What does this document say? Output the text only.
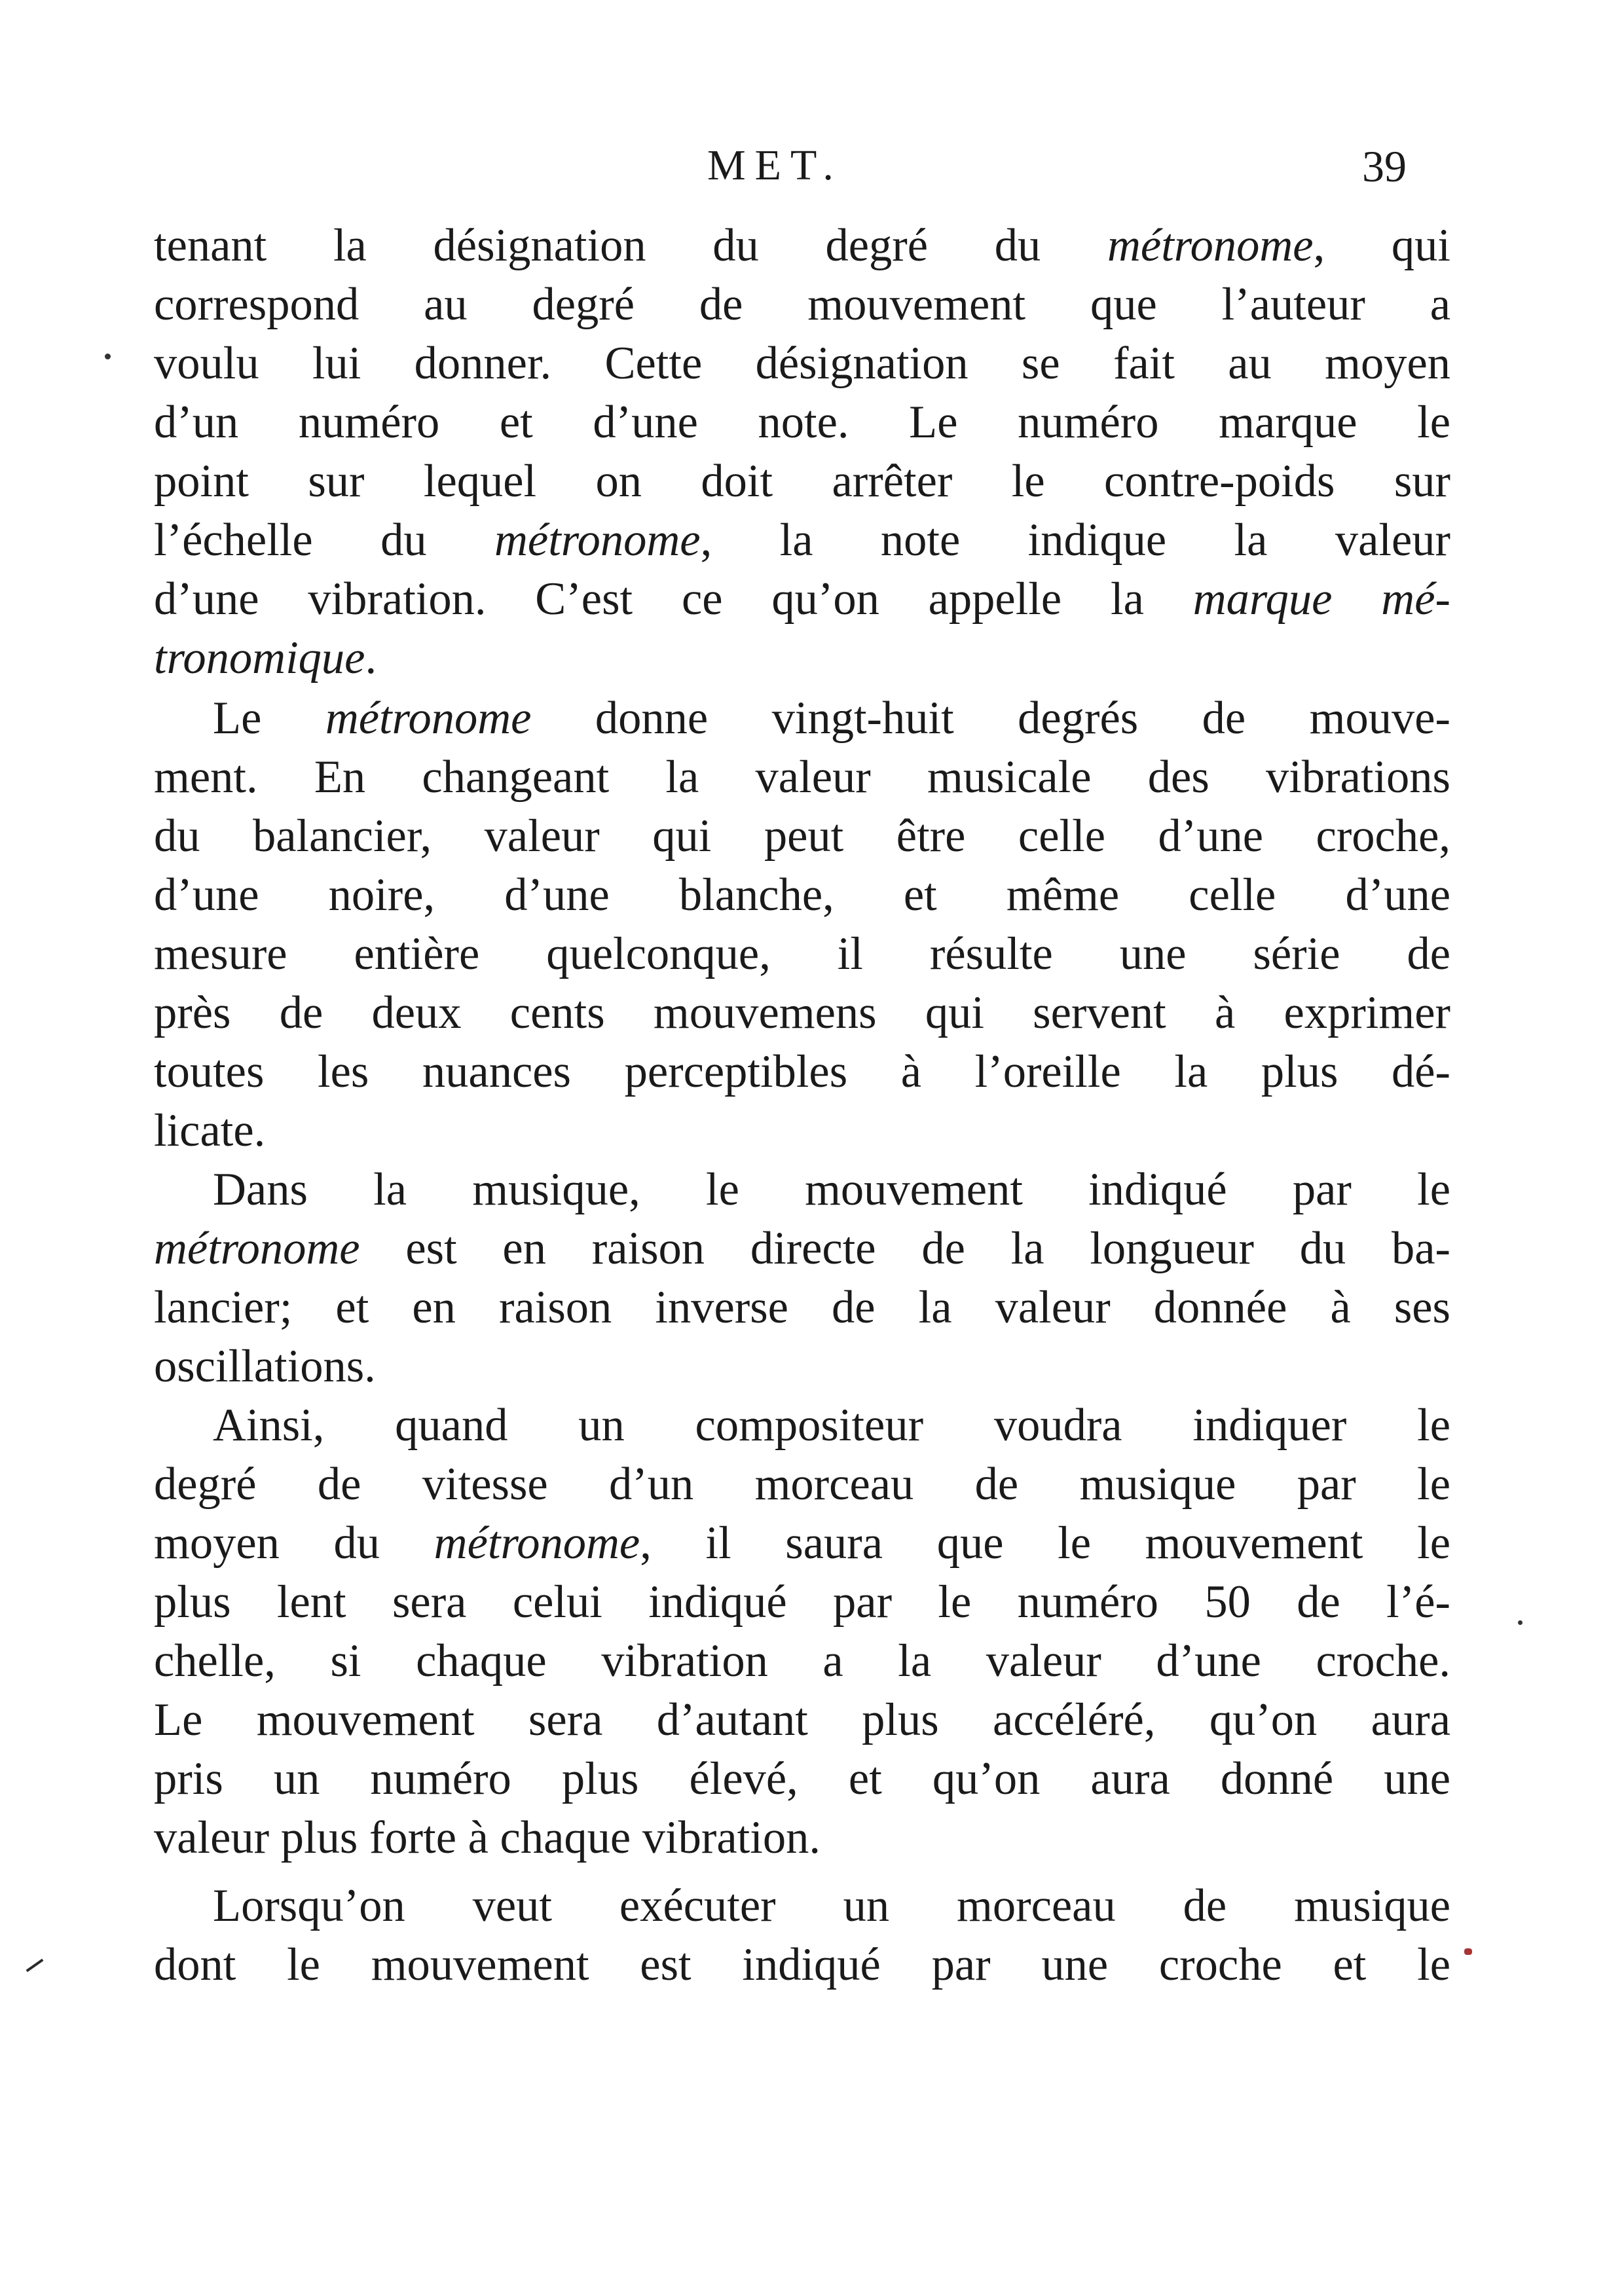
MET.	39
tenant la désignation du degré du métronome, qui
correspond au degré de mouvement que l’auteur a
voulu lui donner. Cette désignation se fait au moyen
d’un numéro et d’une note. Le numéro marque le
point sur lequel on doit arrêter le contre-poids sur
l’échelle du métronome, la note indique la valeur
d’une vibration. C’est ce qu’on appelle la marque mé-
tronomique.
Le métronome donne vingt-huit degrés de mouve-
ment. En changeant la valeur musicale des vibrations
du balancier, valeur qui peut être celle d’une croche,
d’une noire, d’une blanche, et même celle d’une
mesure entière quelconque, il résulte une série de
près de deux cents mouvemens qui servent à exprimer
toutes les nuances perceptibles à l’oreille la plus dé-
licate.
Dans la musique, le mouvement indiqué par le
métronome est en raison directe de la longueur du ba-
lancier; et en raison inverse de la valeur donnée à ses
oscillations.
Ainsi, quand un compositeur voudra indiquer le
degré de vitesse d’un morceau de musique par le
moyen du métronome, il saura que le mouvement le
plus lent sera celui indiqué par le numéro 50 de l’é-
chelle, si chaque vibration a la valeur d’une croche.
Le mouvement sera d’autant plus accéléré, qu’on aura
pris un numéro plus élevé, et qu’on aura donné une
valeur plus forte à chaque vibration.
Lorsqu’on veut exécuter un morceau de musique
dont le mouvement est indiqué par une croche et le
